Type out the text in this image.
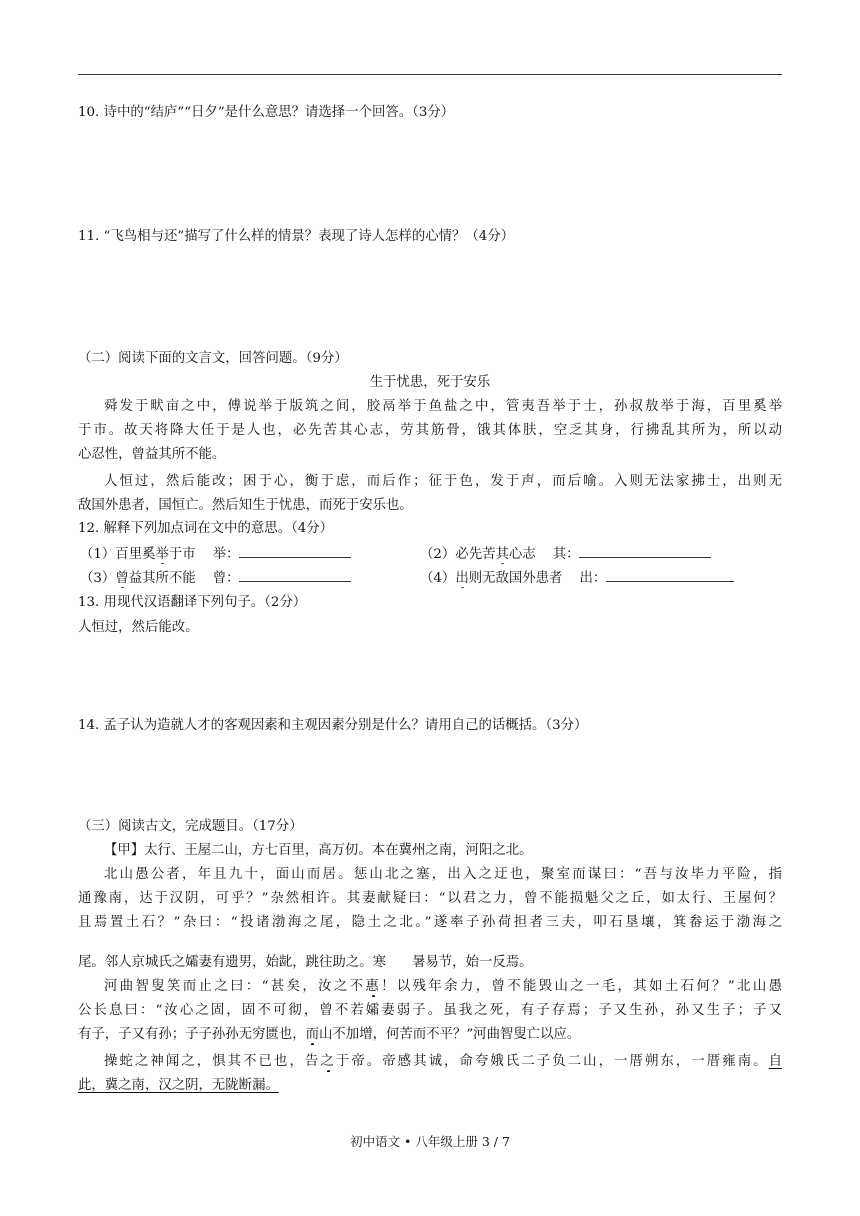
10. 诗中的“结庐”“日夕”是什么意思？请选择一个回答。（3分）
11. “飞鸟相与还”描写了什么样的情景？表现了诗人怎样的心情？（4分）
（二）阅读下面的文言文，回答问题。（9分）
生于忧患，死于安乐
舜发于畎亩之中，傅说举于版筑之间，胶鬲举于鱼盐之中，管夷吾举于士，孙叔敖举于海，百里奚举
于市。故天将降大任于是人也，必先苦其心志，劳其筋骨，饿其体肤，空乏其身，行拂乱其所为，所以动
心忍性，曾益其所不能。
人恒过，然后能改；困于心，衡于虑，而后作；征于色，发于声，而后喻。入则无法家拂士，出则无
敌国外患者，国恒亡。然后知生于忧患，而死于安乐也。
12. 解释下列加点词在文中的意思。（4分）
（1）百里奚举于市 举：	（2）必先苦其心志 其：
（3）曾益其所不能 曾：	（4）出则无敌国外患者 出：
13. 用现代汉语翻译下列句子。（2分）
人恒过，然后能改。
14. 孟子认为造就人才的客观因素和主观因素分别是什么？请用自己的话概括。（3分）
（三）阅读古文，完成题目。（17分）
【甲】太行、王屋二山，方七百里，高万仞。本在冀州之南，河阳之北。
北山愚公者，年且九十，面山而居。惩山北之塞，出入之迂也，聚室而谋曰：“吾与汝毕力平险，指
通豫南，达于汉阴，可乎？”杂然相许。其妻献疑曰：“以君之力，曾不能损魁父之丘，如太行、王屋何？
且焉置土石？”杂曰：“投诸渤海之尾，隐土之北。”遂率子孙荷担者三夫，叩石垦壤，箕畚运于渤海之
尾。邻人京城氏之孀妻有遗男，始龀，跳往助之。寒 暑易节，始一反焉。
河曲智叟笑而止之曰：“甚矣，汝之不惠！以残年余力，曾不能毁山之一毛，其如土石何？”北山愚
公长息曰：“汝心之固，固不可彻，曾不若孀妻弱子。虽我之死，有子存焉；子又生孙，孙又生子；子又
有子，子又有孙；子子孙孙无穷匮也，而山不加增，何苦而不平？”河曲智叟亡以应。
操蛇之神闻之，惧其不已也，告之于帝。帝感其诚，命夸娥氏二子负二山，一厝朔东，一厝雍南。自
此，冀之南，汉之阴，无陇断漏。
初中语文 • 八年级上册 3 / 7
